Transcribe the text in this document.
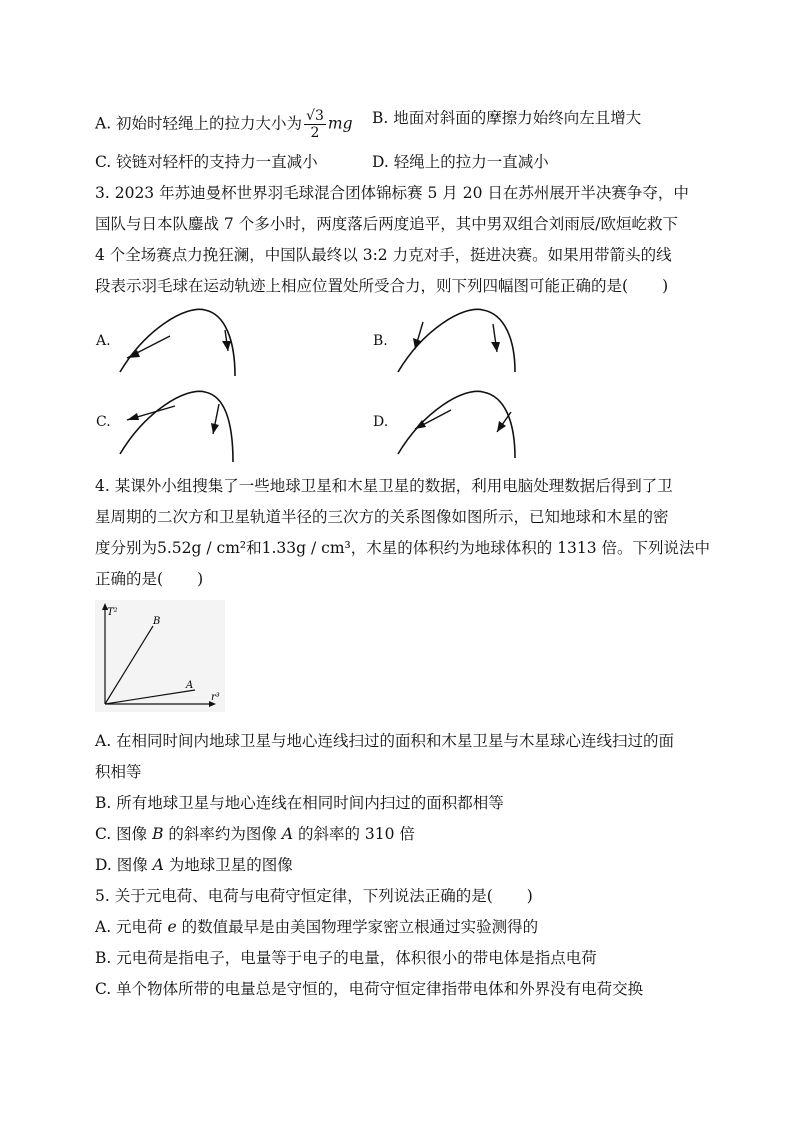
A. 初始时轻绳上的拉力大小为 $\frac{√3}{2}$ mg B. 地面对斜面的摩擦力始终向左且增大
C. 铰链对轻杆的支持力一直减小	D. 轻绳上的拉力一直减小
3. 2023 年苏迪曼杯世界羽毛球混合团体锦标赛 5 月 20 日在苏州展开半决赛争夺，中
国队与日本队鏖战 7 个多小时，两度落后两度追平，其中男双组合刘雨辰/欧烜屹救下
4 个全场赛点力挽狂澜，中国队最终以 3:2 力克对手，挺进决赛。如果用带箭头的线
段表示羽毛球在运动轨迹上相应位置处所受合力，则下列四幅图可能正确的是( )
A.	B.
C.	D.
4. 某课外小组搜集了一些地球卫星和木星卫星的数据，利用电脑处理数据后得到了卫
星周期的二次方和卫星轨道半径的三次方的关系图像如图所示，已知地球和木星的密
度分别为5.52g / cm²和1.33g / cm³，木星的体积约为地球体积的 1313 倍。下列说法中
正确的是( )
T²
r³
B
A
A. 在相同时间内地球卫星与地心连线扫过的面积和木星卫星与木星球心连线扫过的面
积相等
B. 所有地球卫星与地心连线在相同时间内扫过的面积都相等
C. 图像 B 的斜率约为图像 A 的斜率的 310 倍
D. 图像 A 为地球卫星的图像
5. 关于元电荷、电荷与电荷守恒定律，下列说法正确的是( )
A. 元电荷 e 的数值最早是由美国物理学家密立根通过实验测得的
B. 元电荷是指电子，电量等于电子的电量，体积很小的带电体是指点电荷
C. 单个物体所带的电量总是守恒的，电荷守恒定律指带电体和外界没有电荷交换
